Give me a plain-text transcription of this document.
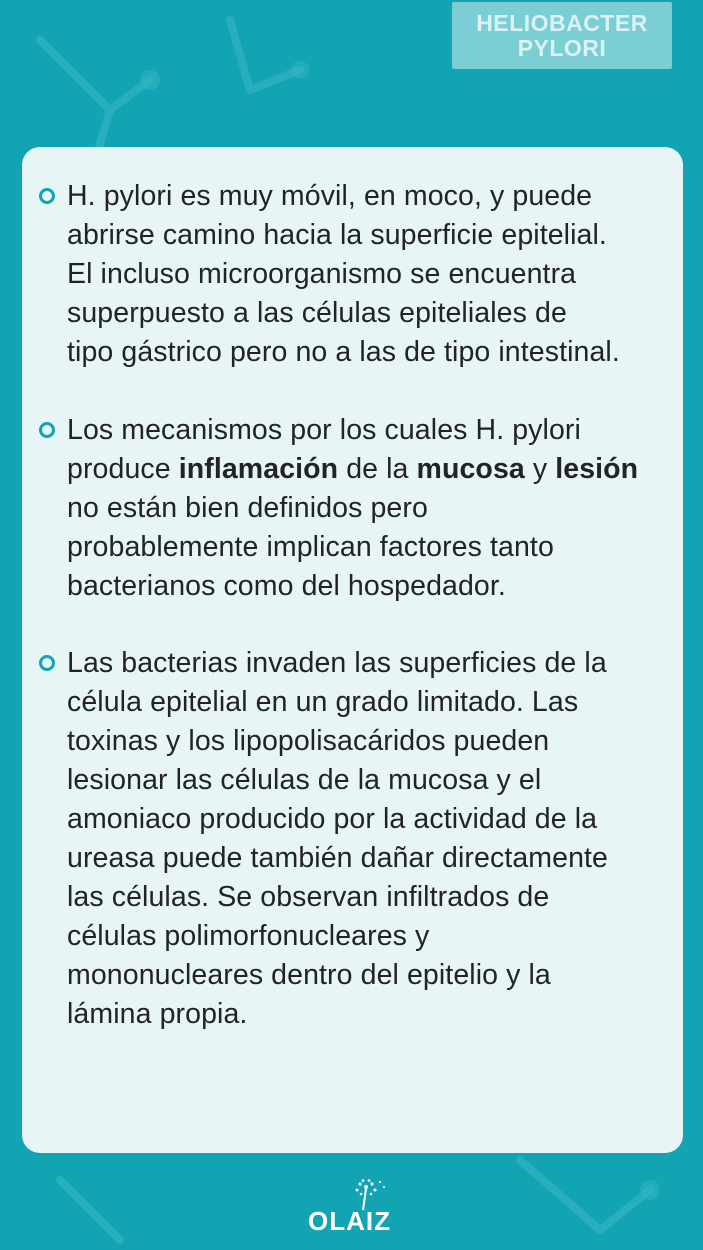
HELIOBACTER
PYLORI
H. pylori es muy móvil, en moco, y puede
abrirse camino hacia la superficie epitelial.
El incluso microorganismo se encuentra
superpuesto a las células epiteliales de
tipo gástrico pero no a las de tipo intestinal.
Los mecanismos por los cuales H. pylori
produce inflamación de la mucosa y lesión
no están bien definidos pero
probablemente implican factores tanto
bacterianos como del hospedador.
Las bacterias invaden las superficies de la
célula epitelial en un grado limitado. Las
toxinas y los lipopolisacáridos pueden
lesionar las células de la mucosa y el
amoniaco producido por la actividad de la
ureasa puede también dañar directamente
las células. Se observan infiltrados de
células polimorfonucleares y
mononucleares dentro del epitelio y la
lámina propia.
OLAIZ
